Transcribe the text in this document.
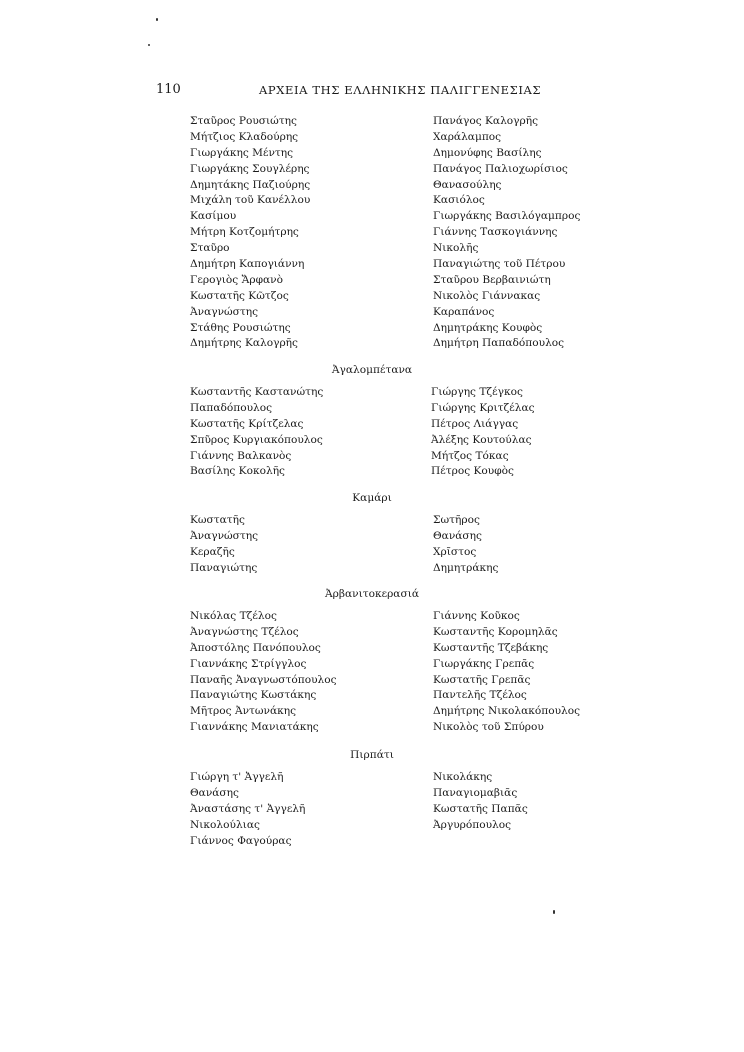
110	ΑΡΧΕΙΑ ΤΗΣ ΕΛΛΗΝΙΚΗΣ ΠΑΛΙΓΓΕΝΕΣΙΑΣ
Σταῦρος Ρουσιώτης
Μήτζιος Κλαδούρης
Γιωργάκης Μέντης
Γιωργάκης Σουγλέρης
Δημητάκης Παζιούρης
Μιχάλη τοῦ Κανέλλου
Κασίμου
Μήτρη Κοτζομήτρης
Σταῦρο
Δημήτρη Καπογιάννη
Γερογιὸς Ἄρφανὸ
Κωστατῆς Κῶτζος
Ἀναγνώστης
Στάθης Ρουσιώτης
Δημήτρης Καλογρῆς
Πανάγος Καλογρῆς
Χαράλαμπος
Δημονύφης Βασίλης
Πανάγος Παλιοχωρίσιος
Θανασούλης
Κασιόλος
Γιωργάκης Βασιλόγαμπρος
Γιάννης Τασκογιάννης
Νικολῆς
Παναγιώτης τοῦ Πέτρου
Σταῦρου Βερβαινιώτη
Νικολὸς Γιάννακας
Καραπάνος
Δημητράκης Κουφὸς
Δημήτρη Παπαδόπουλος
Ἀγαλομπέτανα
Κωσταντῆς Καστανώτης
Παπαδόπουλος
Κωστατῆς Κρίτζελας
Σπῦρος Κυργιακόπουλος
Γιάννης Βαλκανὸς
Βασίλης Κοκολῆς
Γιώργης Τζέγκος
Γιώργης Κριτζέλας
Πέτρος Λιάγγας
Ἀλέξης Κουτούλας
Μήτζος Τόκας
Πέτρος Κουφὸς
Καμάρι
Κωστατῆς
Ἀναγνώστης
Κεραζῆς
Παναγιώτης
Σωτῆρος
Θανάσης
Χρῖστος
Δημητράκης
Ἀρβανιτοκερασιά
Νικόλας Τζέλος
Ἀναγνώστης Τζέλος
Ἀποστόλης Πανόπουλος
Γιαννάκης Στρίγγλος
Παναῆς Ἀναγνωστόπουλος
Παναγιώτης Κωστάκης
Μῆτρος Ἀντωνάκης
Γιαννάκης Μανιατάκης
Γιάννης Κοῦκος
Κωσταντῆς Κορομηλᾶς
Κωσταντῆς Τζεβάκης
Γιωργάκης Γρεπᾶς
Κωστατῆς Γρεπᾶς
Παντελῆς Τζέλος
Δημήτρης Νικολακόπουλος
Νικολὸς τοῦ Σπύρου
Πιρπάτι
Γιώργη τ' Ἀγγελῆ
Θανάσης
Ἀναστάσης τ' Ἀγγελῆ
Νικολούλιας
Γιάννος Φαγούρας
Νικολάκης
Παναγιομαβιᾶς
Κωστατῆς Παπᾶς
Ἀργυρόπουλος
